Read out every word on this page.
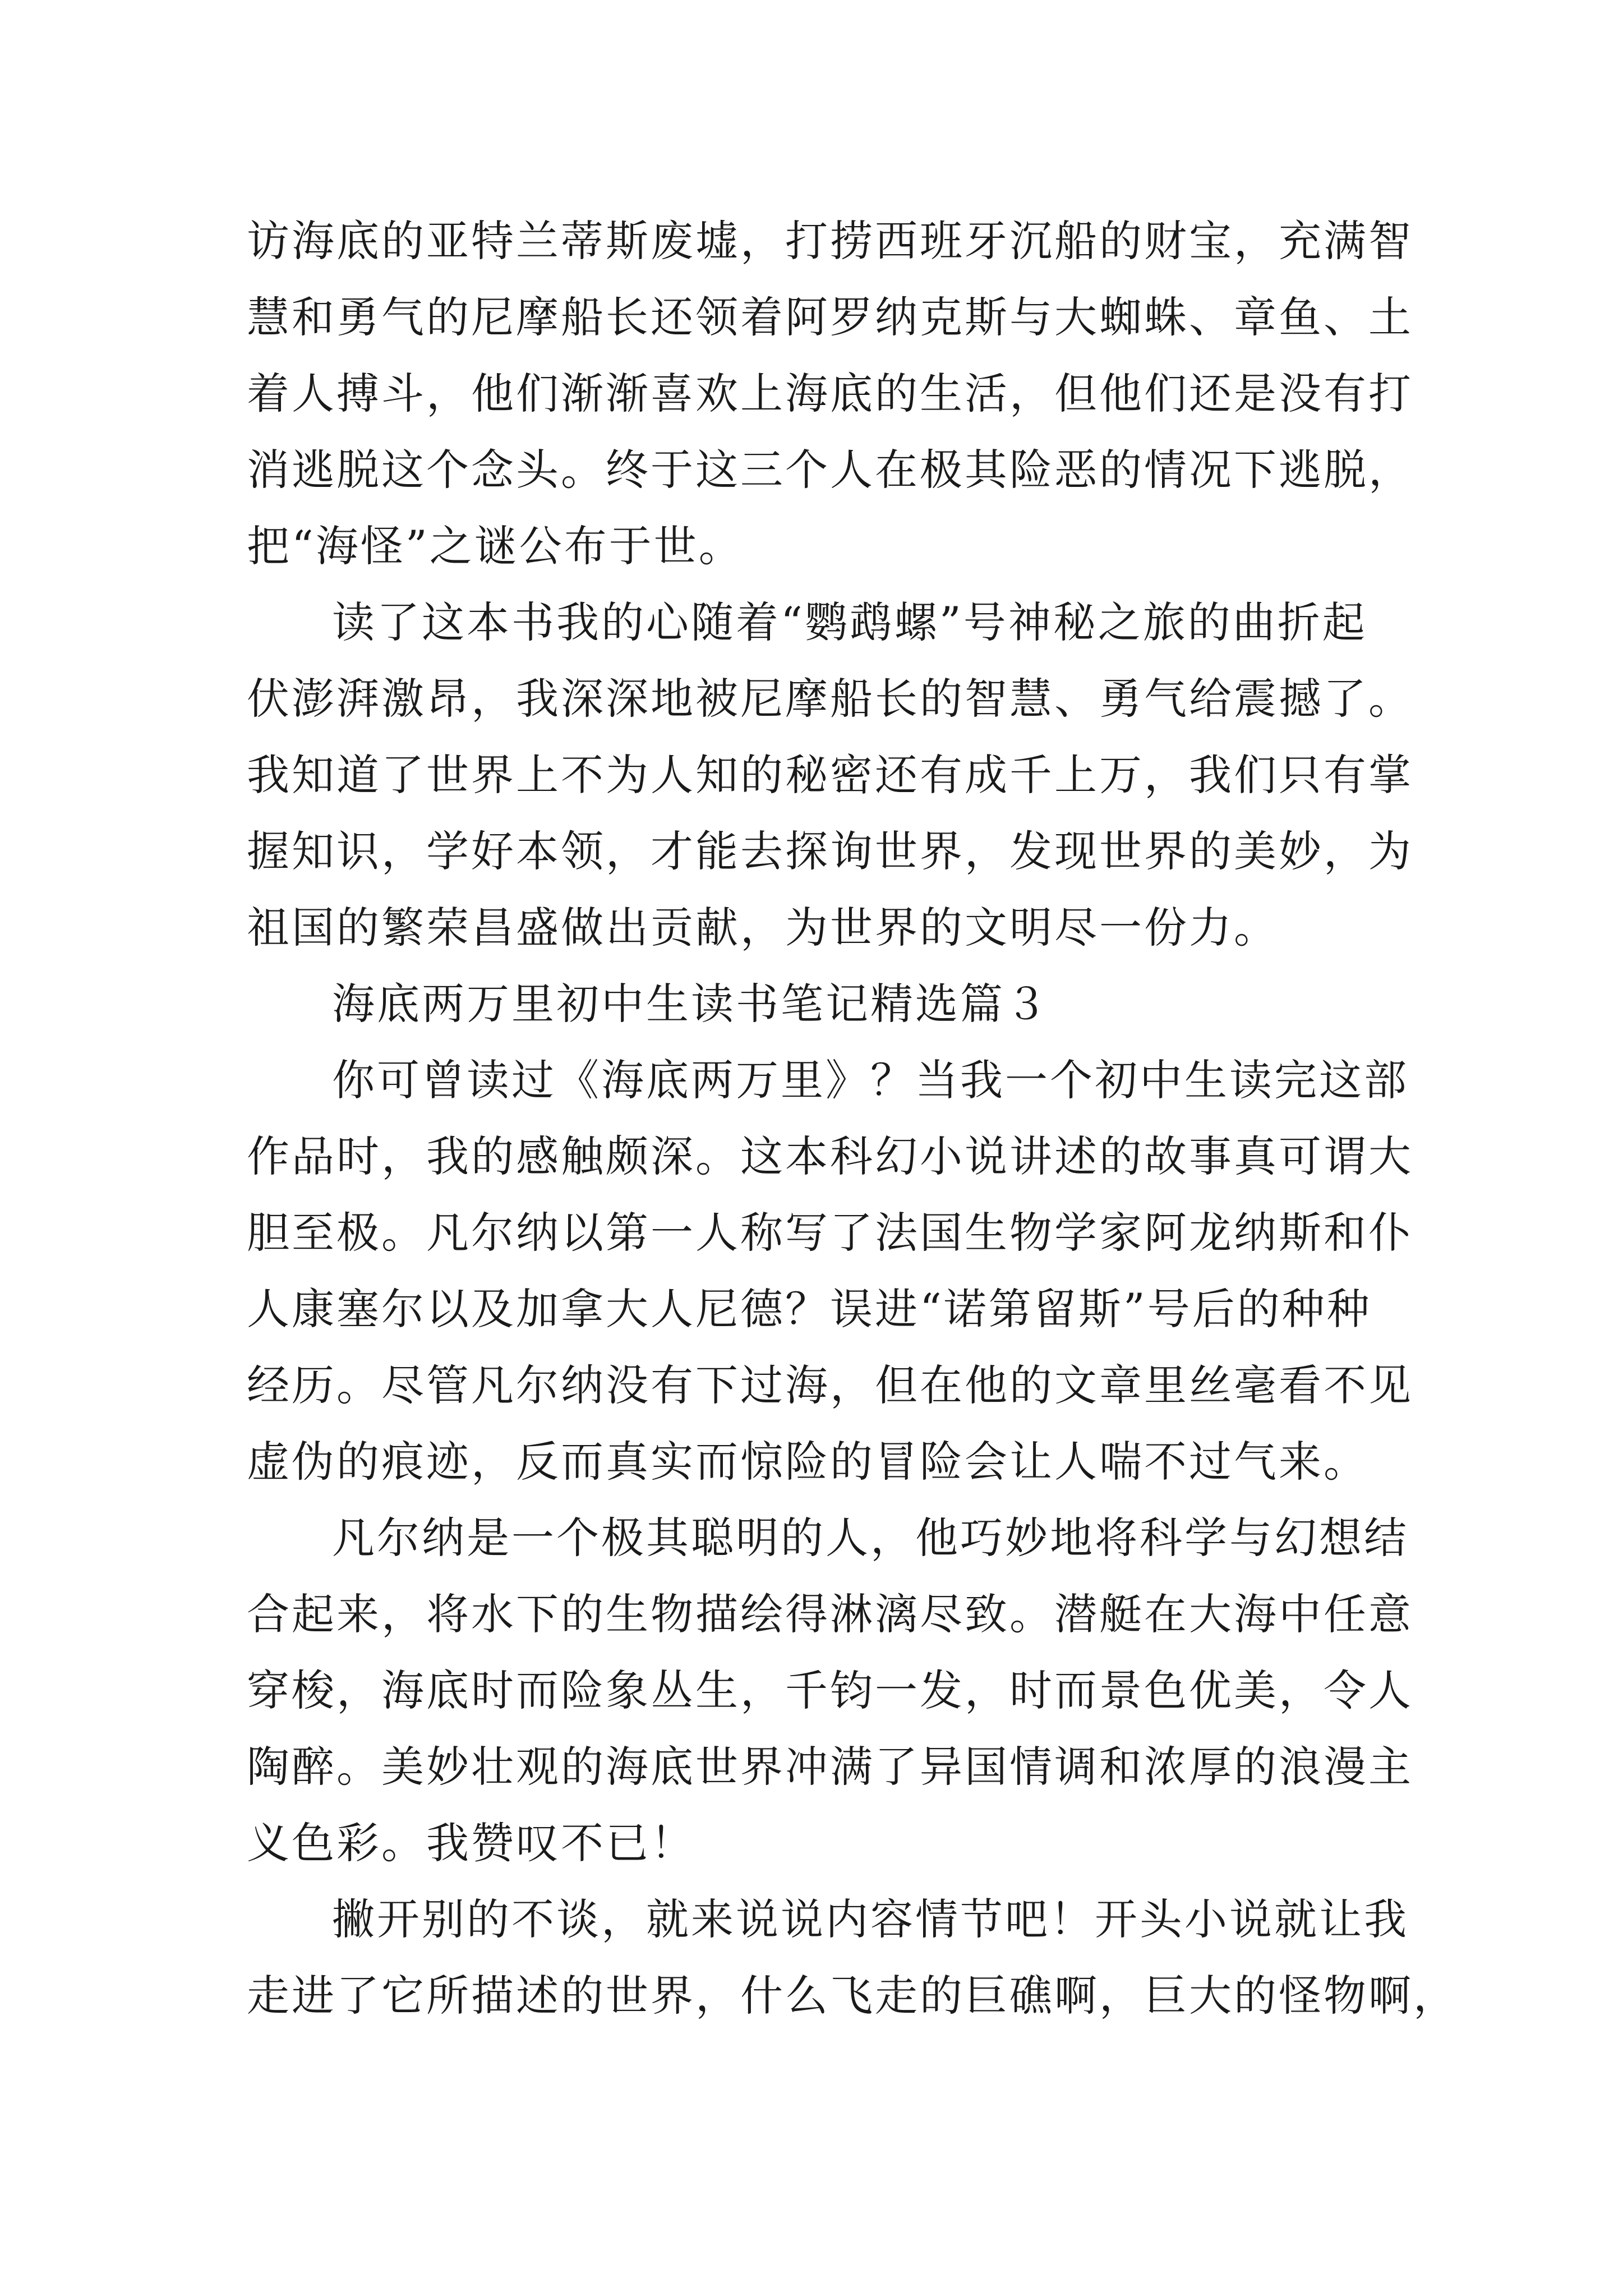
访海底的亚特兰蒂斯废墟，打捞西班牙沉船的财宝，充满智
慧和勇气的尼摩船长还领着阿罗纳克斯与大蜘蛛、章鱼、土
着人搏斗，他们渐渐喜欢上海底的生活，但他们还是没有打
消逃脱这个念头。终于这三个人在极其险恶的情况下逃脱，
把“海怪”之谜公布于世。
读了这本书我的心随着“鹦鹉螺”号神秘之旅的曲折起
伏澎湃激昂，我深深地被尼摩船长的智慧、勇气给震撼了。
我知道了世界上不为人知的秘密还有成千上万，我们只有掌
握知识，学好本领，才能去探询世界，发现世界的美妙，为
祖国的繁荣昌盛做出贡献，为世界的文明尽一份力。
海底两万里初中生读书笔记精选篇３
你可曾读过《海底两万里》？当我一个初中生读完这部
作品时，我的感触颇深。这本科幻小说讲述的故事真可谓大
胆至极。凡尔纳以第一人称写了法国生物学家阿龙纳斯和仆
人康塞尔以及加拿大人尼德？误进“诺第留斯”号后的种种
经历。尽管凡尔纳没有下过海，但在他的文章里丝毫看不见
虚伪的痕迹，反而真实而惊险的冒险会让人喘不过气来。
凡尔纳是一个极其聪明的人，他巧妙地将科学与幻想结
合起来，将水下的生物描绘得淋漓尽致。潜艇在大海中任意
穿梭，海底时而险象丛生，千钧一发，时而景色优美，令人
陶醉。美妙壮观的海底世界冲满了异国情调和浓厚的浪漫主
义色彩。我赞叹不已！
撇开别的不谈，就来说说内容情节吧！开头小说就让我
走进了它所描述的世界，什么飞走的巨礁啊，巨大的怪物啊，
